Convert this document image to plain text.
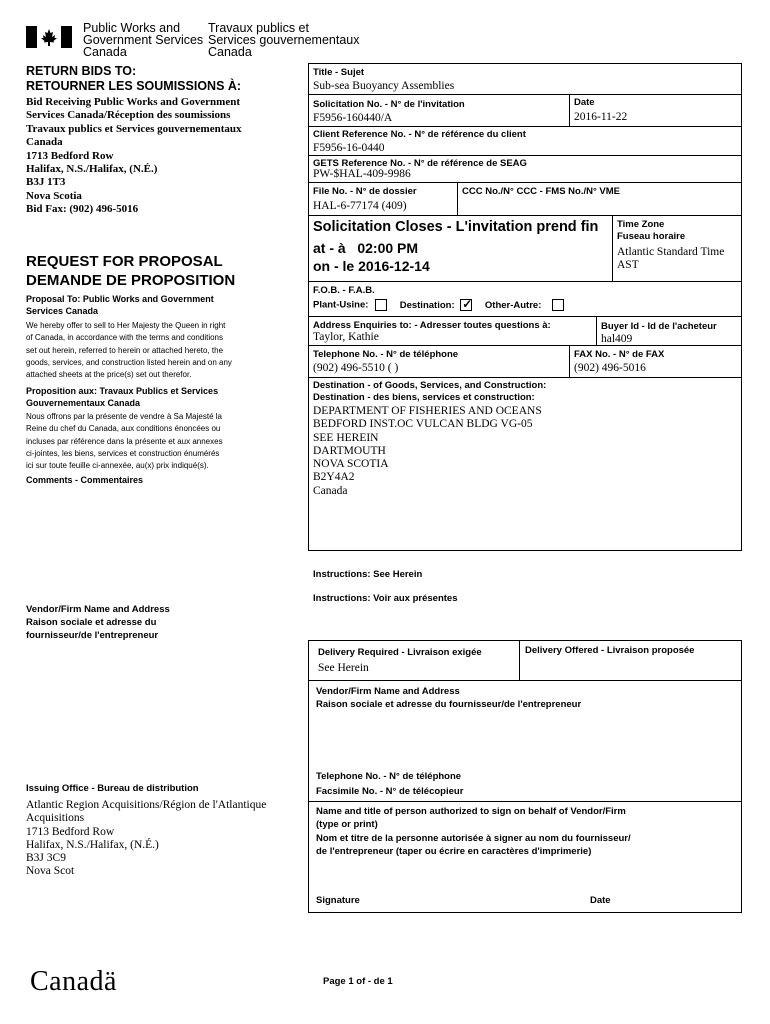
Public Works and
Government Services
Canada
Travaux publics et
Services gouvernementaux
Canada
RETURN BIDS TO:
RETOURNER LES SOUMISSIONS À:
Bid Receiving Public Works and Government
Services Canada/Réception des soumissions
Travaux publics et Services gouvernementaux
Canada
1713 Bedford Row
Halifax, N.S./Halifax, (N.É.)
B3J 1T3
Nova Scotia
Bid Fax: (902) 496-5016
REQUEST FOR PROPOSAL
DEMANDE DE PROPOSITION
Proposal To: Public Works and Government
Services Canada
We hereby offer to sell to Her Majesty the Queen in right
of Canada, in accordance with the terms and conditions
set out herein, referred to herein or attached hereto, the
goods, services, and construction listed herein and on any
attached sheets at the price(s) set out therefor.
Proposition aux: Travaux Publics et Services
Gouvernementaux Canada
Nous offrons par la présente de vendre à Sa Majesté la
Reine du chef du Canada, aux conditions énoncées ou
incluses par référence dans la présente et aux annexes
ci-jointes, les biens, services et construction énumérés
ici sur toute feuille ci-annexée, au(x) prix indiqué(s).
Comments - Commentaires
Vendor/Firm Name and Address
Raison sociale et adresse du
fournisseur/de l'entrepreneur
Issuing Office - Bureau de distribution
Atlantic Region Acquisitions/Région de l'Atlantique
Acquisitions
1713 Bedford Row
Halifax, N.S./Halifax, (N.É.)
B3J 3C9
Nova Scot
Title - Sujet
Sub-sea Buoyancy Assemblies
Solicitation No. - N° de l'invitation
F5956-160440/A
Date
2016-11-22
Client Reference No. - N° de référence du client
F5956-16-0440
GETS Reference No. - N° de référence de SEAG
PW-$HAL-409-9986
File No. - N° de dossier
HAL-6-77174 (409)
CCC No./N° CCC - FMS No./N° VME
Solicitation Closes - L'invitation prend fin
at - à 02:00 PM
on - le 2016-12-14
Time Zone
Fuseau horaire
Atlantic Standard Time
AST
F.O.B. - F.A.B.
Plant-Usine:	Destination: ✓ Other-Autre:
Address Enquiries to: - Adresser toutes questions à:
Taylor, Kathie
Buyer Id - Id de l'acheteur
hal409
Telephone No. - N° de téléphone
(902) 496-5510 ( )
FAX No. - N° de FAX
(902) 496-5016
Destination - of Goods, Services, and Construction:
Destination - des biens, services et construction:
DEPARTMENT OF FISHERIES AND OCEANS
BEDFORD INST.OC VULCAN BLDG VG-05
SEE HEREIN
DARTMOUTH
NOVA SCOTIA
B2Y4A2
Canada
Instructions: See Herein
Instructions: Voir aux présentes
Delivery Required - Livraison exigée
See Herein
Delivery Offered - Livraison proposée
Vendor/Firm Name and Address
Raison sociale et adresse du fournisseur/de l'entrepreneur
Telephone No. - N° de téléphone
Facsimile No. - N° de télécopieur
Name and title of person authorized to sign on behalf of Vendor/Firm
(type or print)
Nom et titre de la personne autorisée à signer au nom du fournisseur/
de l'entrepreneur (taper ou écrire en caractères d'imprimerie)
Signature	Date
Canadä	Page 1 of - de 1
